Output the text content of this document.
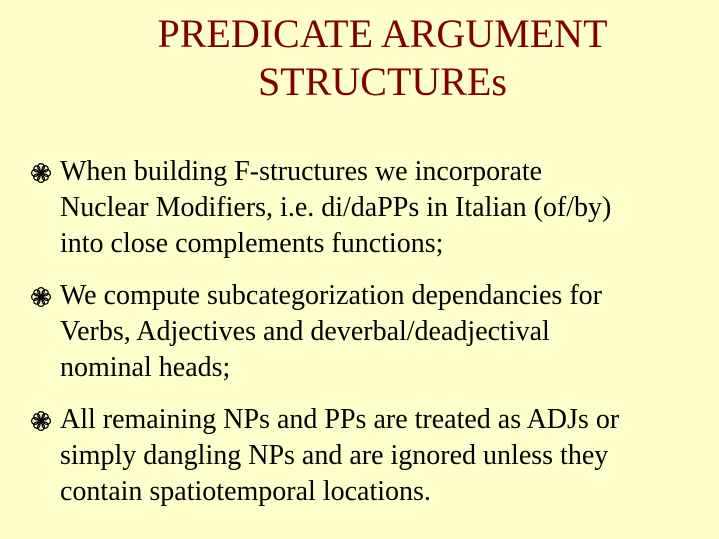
PREDICATE ARGUMENT
STRUCTUREs
When building F-structures we incorporate
Nuclear Modifiers, i.e. di/daPPs in Italian (of/by)
into close complements functions;
We compute subcategorization dependancies for
Verbs, Adjectives and deverbal/deadjectival
nominal heads;
All remaining NPs and PPs are treated as ADJs or
simply dangling NPs and are ignored unless they
contain spatiotemporal locations.
